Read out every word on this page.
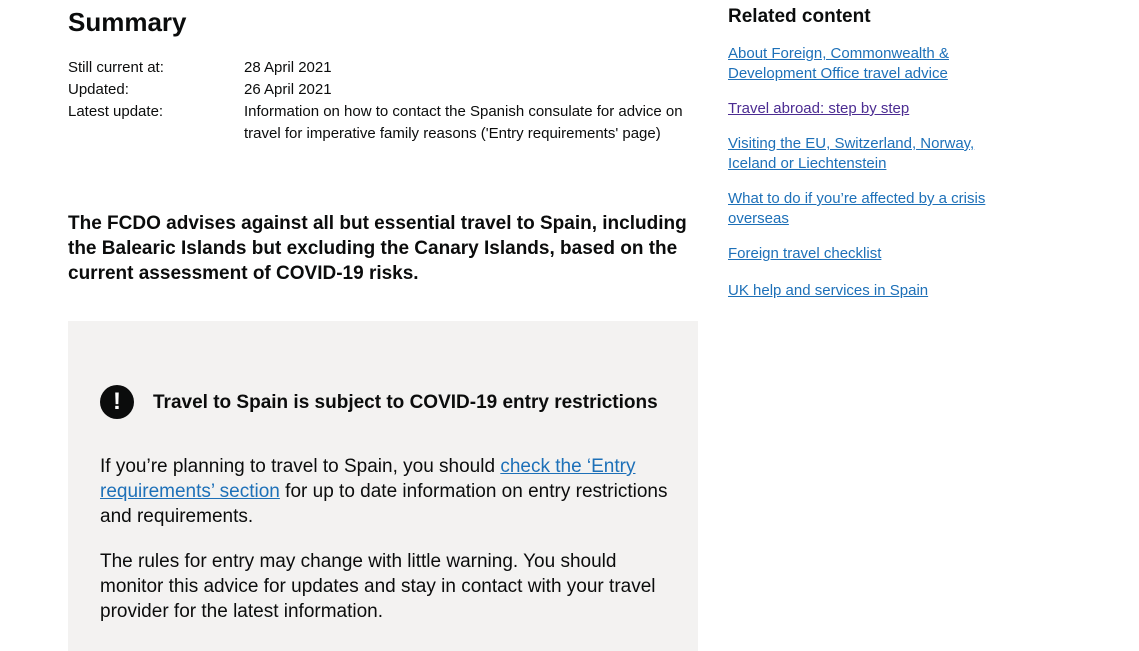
Summary
Still current at:	28 April 2021
Updated:	26 April 2021
Latest update:	Information on how to contact the Spanish consulate for advice on travel for imperative family reasons ('Entry requirements' page)

The FCDO advises against all but essential travel to Spain, including the Balearic Islands but excluding the Canary Islands, based on the current assessment of COVID-19 risks.

!	Travel to Spain is subject to COVID-19 entry restrictions

If you’re planning to travel to Spain, you should check the ‘Entry requirements’ section for up to date information on entry restrictions and requirements.

The rules for entry may change with little warning. You should monitor this advice for updates and stay in contact with your travel provider for the latest information.

Related content
About Foreign, Commonwealth & Development Office travel advice
Travel abroad: step by step
Visiting the EU, Switzerland, Norway, Iceland or Liechtenstein
What to do if you’re affected by a crisis overseas
Foreign travel checklist
UK help and services in Spain
